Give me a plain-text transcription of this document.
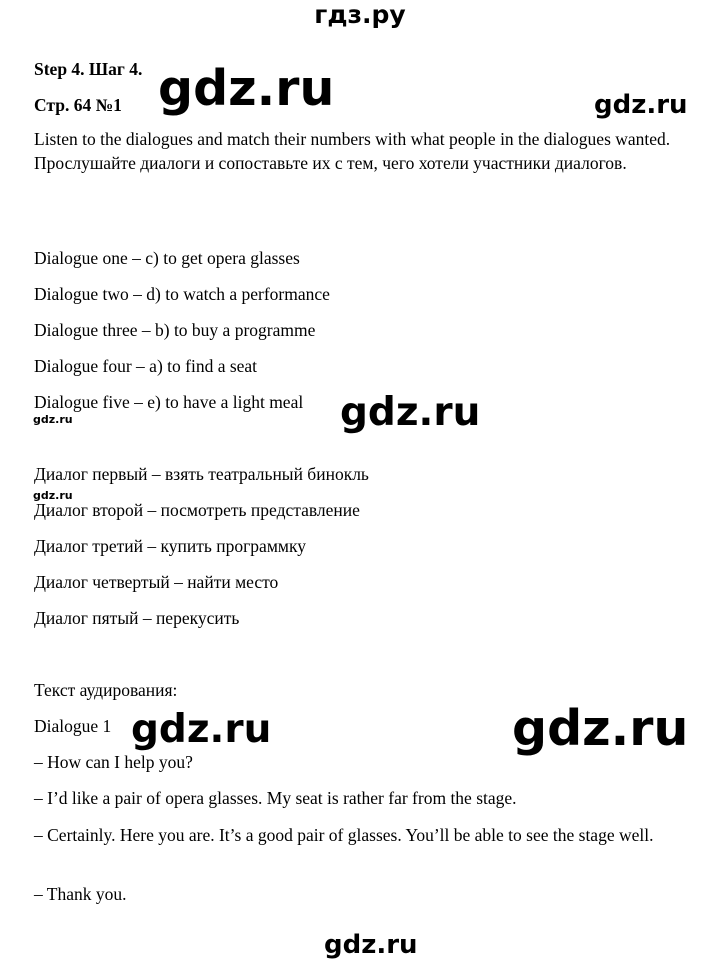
гдз.ру
Step 4. Шаг 4.
Стр. 64 №1
Listen to the dialogues and match their numbers with what people in the dialogues wanted. Прослушайте диалоги и сопоставьте их с тем, чего хотели участники диалогов.
Dialogue one – c) to get opera glasses
Dialogue two – d) to watch a performance
Dialogue three – b) to buy a programme
Dialogue four – a) to find a seat
Dialogue five – e) to have a light meal
Диалог первый – взять театральный бинокль
Диалог второй – посмотреть представление
Диалог третий – купить программку
Диалог четвертый – найти место
Диалог пятый – перекусить
Текст аудирования:
Dialogue 1
– How can I help you?
– I’d like a pair of opera glasses. My seat is rather far from the stage.
– Certainly. Here you are. It’s a good pair of glasses. You’ll be able to see the stage well.
– Thank you.
gdz.ru	gdz.ru
gdz.ru
gdz.ru
gdz.ru
gdz.ru	gdz.ru
gdz.ru
